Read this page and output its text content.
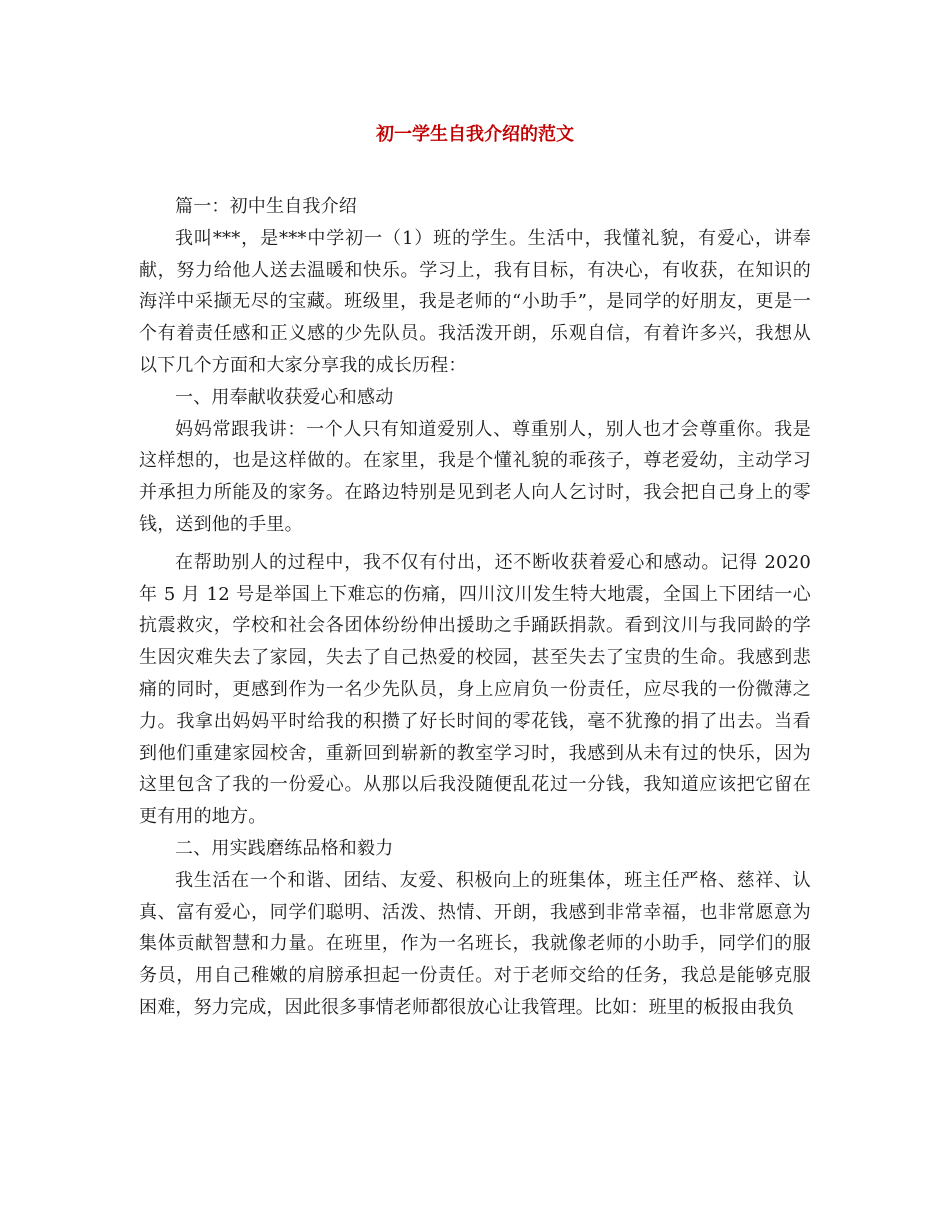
初一学生自我介绍的范文

篇一：初中生自我介绍

我叫***，是***中学初一（1）班的学生。生活中，我懂礼貌，有爱心，讲奉献，努力给他人送去温暖和快乐。学习上，我有目标，有决心，有收获，在知识的海洋中采撷无尽的宝藏。班级里，我是老师的“小助手”，是同学的好朋友，更是一个有着责任感和正义感的少先队员。我活泼开朗，乐观自信，有着许多兴，我想从以下几个方面和大家分享我的成长历程：

一、用奉献收获爱心和感动

妈妈常跟我讲：一个人只有知道爱别人、尊重别人，别人也才会尊重你。我是这样想的，也是这样做的。在家里，我是个懂礼貌的乖孩子，尊老爱幼，主动学习并承担力所能及的家务。在路边特别是见到老人向人乞讨时，我会把自己身上的零钱，送到他的手里。

在帮助别人的过程中，我不仅有付出，还不断收获着爱心和感动。记得 2020 年 5 月 12 号是举国上下难忘的伤痛，四川汶川发生特大地震，全国上下团结一心抗震救灾，学校和社会各团体纷纷伸出援助之手踊跃捐款。看到汶川与我同龄的学生因灾难失去了家园，失去了自己热爱的校园，甚至失去了宝贵的生命。我感到悲痛的同时，更感到作为一名少先队员，身上应肩负一份责任，应尽我的一份微薄之力。我拿出妈妈平时给我的积攒了好长时间的零花钱，毫不犹豫的捐了出去。当看到他们重建家园校舍，重新回到崭新的教室学习时，我感到从未有过的快乐，因为这里包含了我的一份爱心。从那以后我没随便乱花过一分钱，我知道应该把它留在更有用的地方。

二、用实践磨练品格和毅力

我生活在一个和谐、团结、友爱、积极向上的班集体，班主任严格、慈祥、认真、富有爱心，同学们聪明、活泼、热情、开朗，我感到非常幸福，也非常愿意为集体贡献智慧和力量。在班里，作为一名班长，我就像老师的小助手，同学们的服务员，用自己稚嫩的肩膀承担起一份责任。对于老师交给的任务，我总是能够克服困难，努力完成，因此很多事情老师都很放心让我管理。比如：班里的板报由我负
